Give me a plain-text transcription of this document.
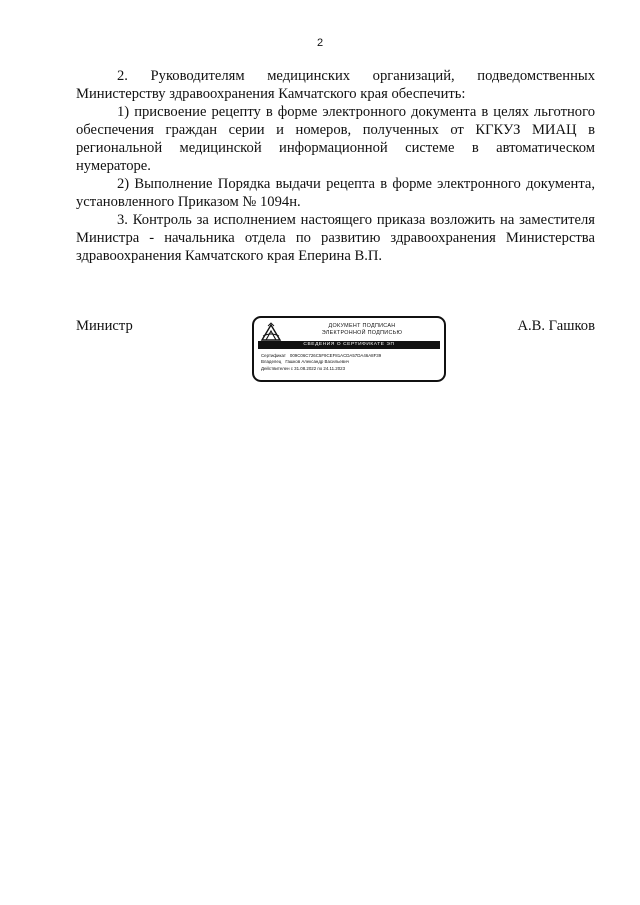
2

2. Руководителям медицинских организаций, подведомственных Министерству здравоохранения Камчатского края обеспечить:

1) присвоение рецепту в форме электронного документа в целях льготного обеспечения граждан серии и номеров, полученных от КГКУЗ МИАЦ в региональной медицинской информационной системе в автоматическом нумераторе.

2) Выполнение Порядка выдачи рецепта в форме электронного документа, установленного Приказом № 1094н.

3. Контроль за исполнением настоящего приказа возложить на заместителя Министра - начальника отдела по развитию здравоохранения Министерства здравоохранения Камчатского края Еперина В.П.

Министр	ДОКУМЕНТ ПОДПИСАН
ЭЛЕКТРОННОЙ ПОДПИСЬЮ
СВЕДЕНИЯ О СЕРТИФИКАТЕ ЭП
Сертификат 009C06C726C5F9CEF81ACDA57DA46A8F39
Владелец Гашков Александр Васильевич
Действителен с 31.08.2022 по 24.11.2023
А.В. Гашков
